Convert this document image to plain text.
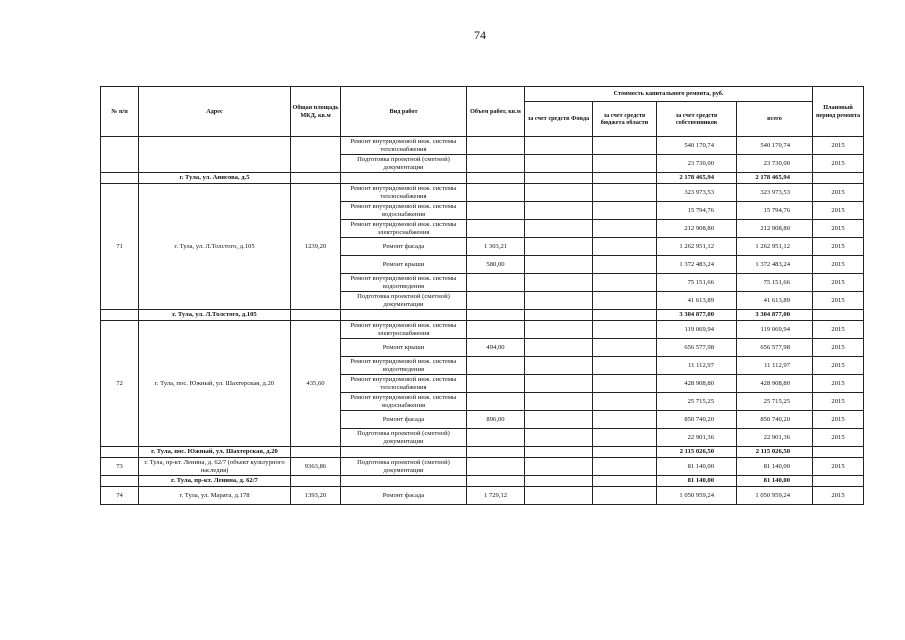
74
№ п/п	Адрес	Общая площадь МКД, кв.м	Вид работ	Объем работ, кв.м	Стоимость капитального ремонта, руб.				Плановый период ремонта
					за счет средств Фонда	за счет средств бюджета области	за счет средств собственников	всего	
			Ремонт внутридомовой инж. системы теплоснабжения				540 170,74	540 170,74	2015
			Подготовка проектной (сметной) документации				23 730,00	23 730,00	2015
	г. Тула, ул. Анисова, д.5						2 178 465,94	2 178 465,94	
71	г. Тула, ул. Л.Толстого, д.105	1239,20	Ремонт внутридомовой инж. системы теплоснабжения				323 973,53	323 973,53	2015
			Ремонт внутридомовой инж. системы водоснабжения				15 794,76	15 794,76	2015
			Ремонт внутридомовой инж. системы электроснабжения				212 908,80	212 908,80	2015
			Ремонт фасада	1 303,21			1 262 951,12	1 262 951,12	2015
			Ремонт крыши	580,00			1 372 483,24	1 372 483,24	2015
			Ремонт внутридомовой инж. системы водоотведения				75 151,66	75 151,66	2015
			Подготовка проектной (сметной) документации				41 613,89	41 613,89	2015
	г. Тула, ул. Л.Толстого, д.105						3 304 877,00	3 304 877,00	
72	г. Тула, пос. Южный, ул. Шахтерская, д.20	435,60	Ремонт внутридомовой инж. системы электроснабжения				119 069,94	119 069,94	2015
			Ремонт крыши	494,00			656 577,98	656 577,98	2015
			Ремонт внутридомовой инж. системы водоотведения				11 112,97	11 112,97	2015
			Ремонт внутридомовой инж. системы теплоснабжения				428 908,80	428 908,80	2015
			Ремонт внутридомовой инж. системы водоснабжения				25 715,25	25 715,25	2015
			Ремонт фасада	896,00			850 740,20	850 740,20	2015
			Подготовка проектной (сметной) документации				22 901,36	22 901,36	2015
	г. Тула, пос. Южный, ул. Шахтерская, д.20						2 115 026,50	2 115 026,50	
73	г. Тула, пр-кт. Ленина, д. 62/7 (объект культурного наследия)	9363,86	Подготовка проектной (сметной) документации				81 140,00	81 140,00	2015
	г. Тула, пр-кт. Ленина, д. 62/7						81 140,00	81 140,00	
74	г. Тула, ул. Марата, д.178	1393,20	Ремонт фасада	1 729,12			1 050 959,24	1 050 959,24	2015
